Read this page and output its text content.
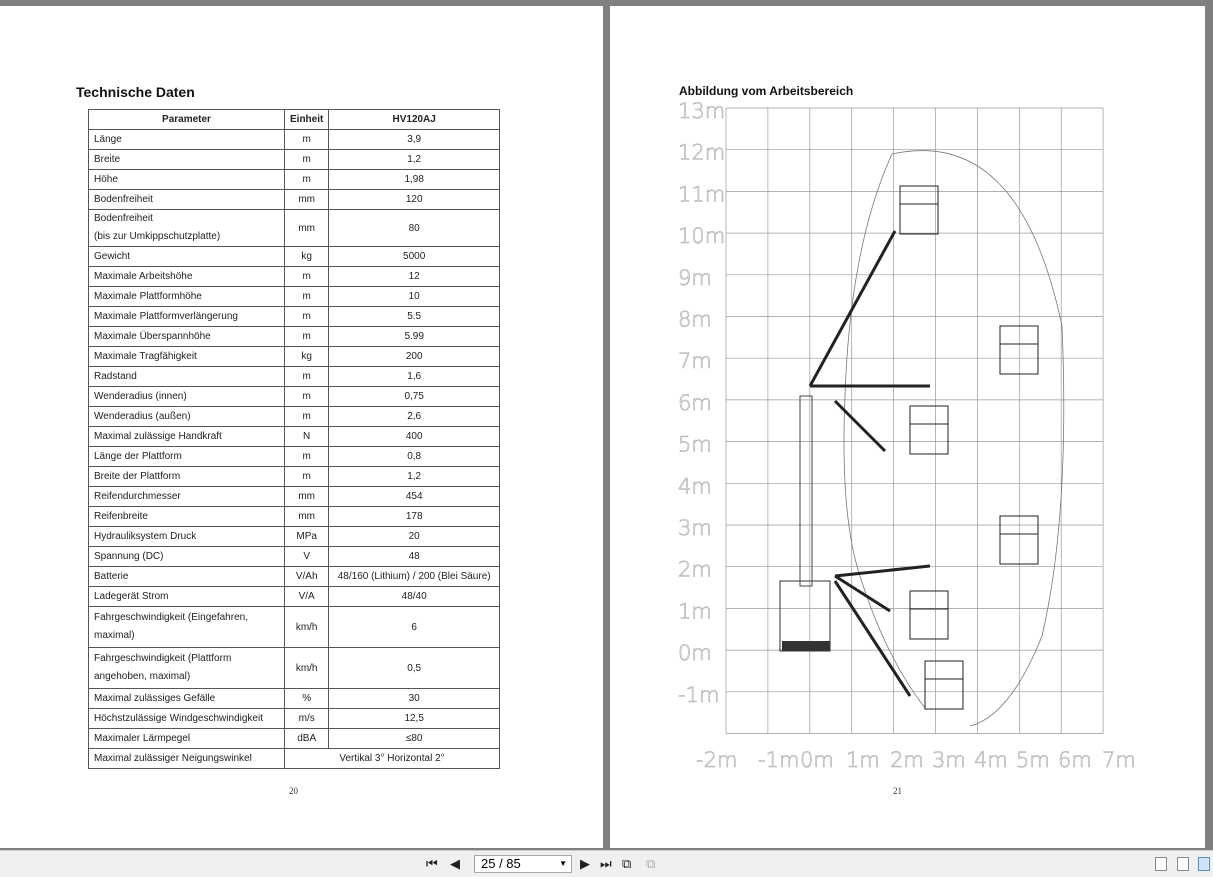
Technische Daten
Parameter	Einheit	HV120AJ
Länge	m	3,9
Breite	m	1,2
Höhe	m	1,98
Bodenfreiheit	mm	120
Bodenfreiheit
(bis zur Umkippschutzplatte)	mm	80
Gewicht	kg	5000
Maximale Arbeitshöhe	m	12
Maximale Plattformhöhe	m	10
Maximale Plattformverlängerung	m	5.5
Maximale Überspannhöhe	m	5.99
Maximale Tragfähigkeit	kg	200
Radstand	m	1,6
Wenderadius (innen)	m	0,75
Wenderadius (außen)	m	2,6
Maximal zulässige Handkraft	N	400
Länge der Plattform	m	0,8
Breite der Plattform	m	1,2
Reifendurchmesser	mm	454
Reifenbreite	mm	178
Hydrauliksystem Druck	MPa	20
Spannung (DC)	V	48
Batterie	V/Ah	48/160 (Lithium) / 200 (Blei Säure)
Ladegerät Strom	V/A	48/40
Fahrgeschwindigkeit (Eingefahren,
maximal)	km/h	6
Fahrgeschwindigkeit (Plattform
angehoben, maximal)	km/h	0,5
Maximal zulässiges Gefälle	%	30
Höchstzulässige Windgeschwindigkeit	m/s	12,5
Maximaler Lärmpegel	dBA	≤80
Maximal zulässiger Neigungswinkel	Vertikal 3° Horizontal 2°	
20
Abbildung vom Arbeitsbereich
13m
12m
11m
10m
9m
8m
7m
6m
5m
4m
3m
2m
1m
0m
-1m
-2m -1m 0m 1m 2m 3m 4m 5m 6m 7m
21
⏮ ◀	25 / 85	▼ ▶ ⏭ ⧉ ⧉
